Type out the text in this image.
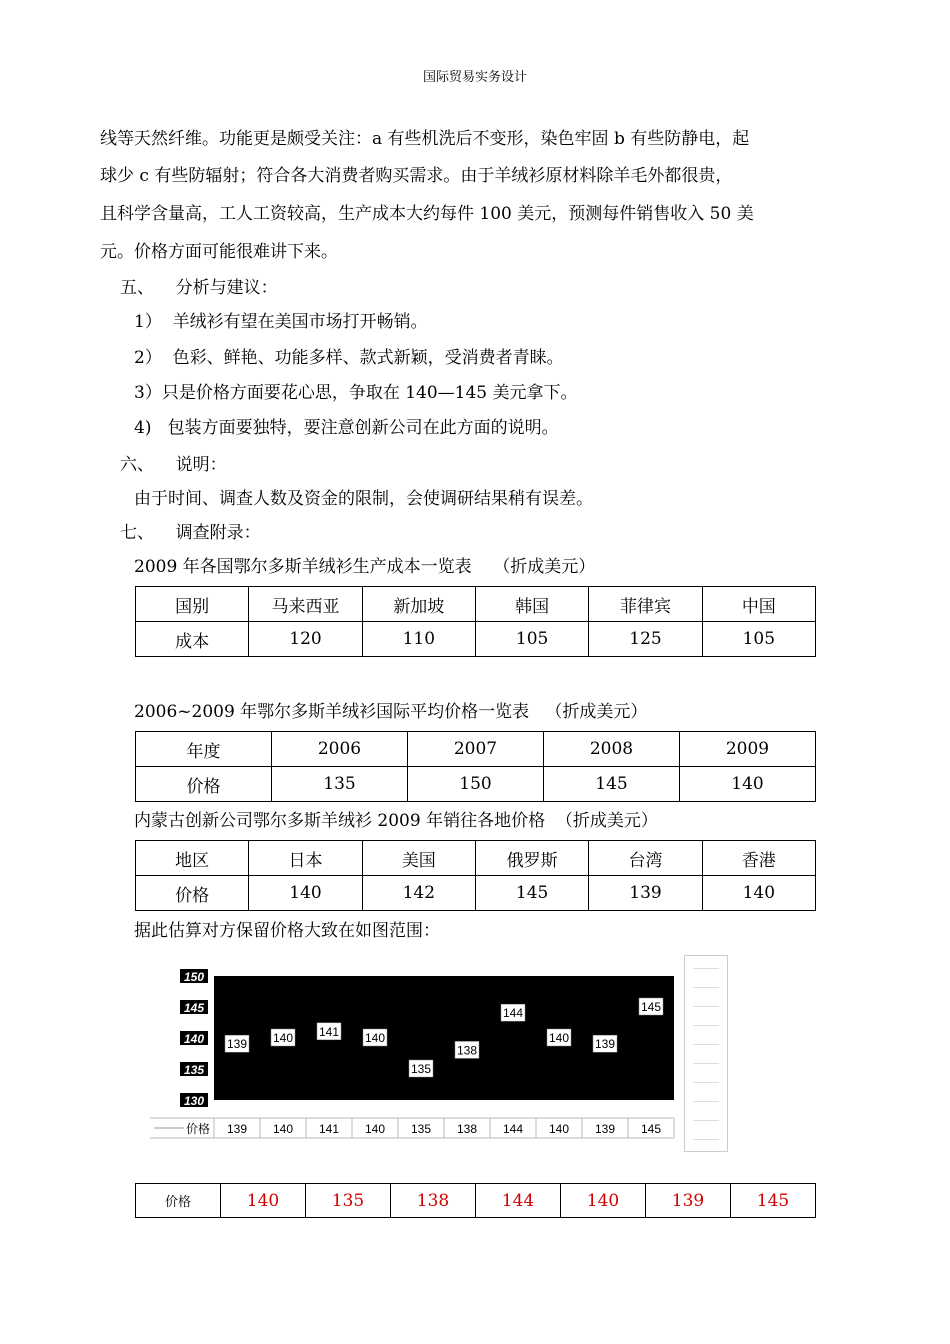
国际贸易实务设计
线等天然纤维。功能更是颇受关注：a 有些机洗后不变形，染色牢固 b 有些防静电，起
球少 c 有些防辐射；符合各大消费者购买需求。由于羊绒衫原材料除羊毛外都很贵，
且科学含量高，工人工资较高，生产成本大约每件 100 美元，预测每件销售收入 50 美
元。价格方面可能很难讲下来。
五、    分析与建议：
1）  羊绒衫有望在美国市场打开畅销。
2）  色彩、鲜艳、功能多样、款式新颖，受消费者青睐。
3）只是价格方面要花心思，争取在 140—145 美元拿下。
4)   包装方面要独特，要注意创新公司在此方面的说明。
六、    说明：
由于时间、调查人数及资金的限制，会使调研结果稍有误差。
七、    调查附录：
2009 年各国鄂尔多斯羊绒衫生产成本一览表    （折成美元）
国别	马来西亚	新加坡	韩国	菲律宾	中国
成本	120	110	105	125	105
2006~2009 年鄂尔多斯羊绒衫国际平均价格一览表   （折成美元）
年度	2006	2007	2008	2009
价格	135	150	145	140
内蒙古创新公司鄂尔多斯羊绒衫 2009 年销往各地价格  （折成美元）
地区	日本	美国	俄罗斯	台湾	香港
价格	140	142	145	139	140
据此估算对方保留价格大致在如图范围：
150
145
140
135
130
139 140 141 140
135
138
144
140 139
145
价格 139 140 141 140 135 138 144 140 139 145
价格	140	135	138	144	140	139	145
